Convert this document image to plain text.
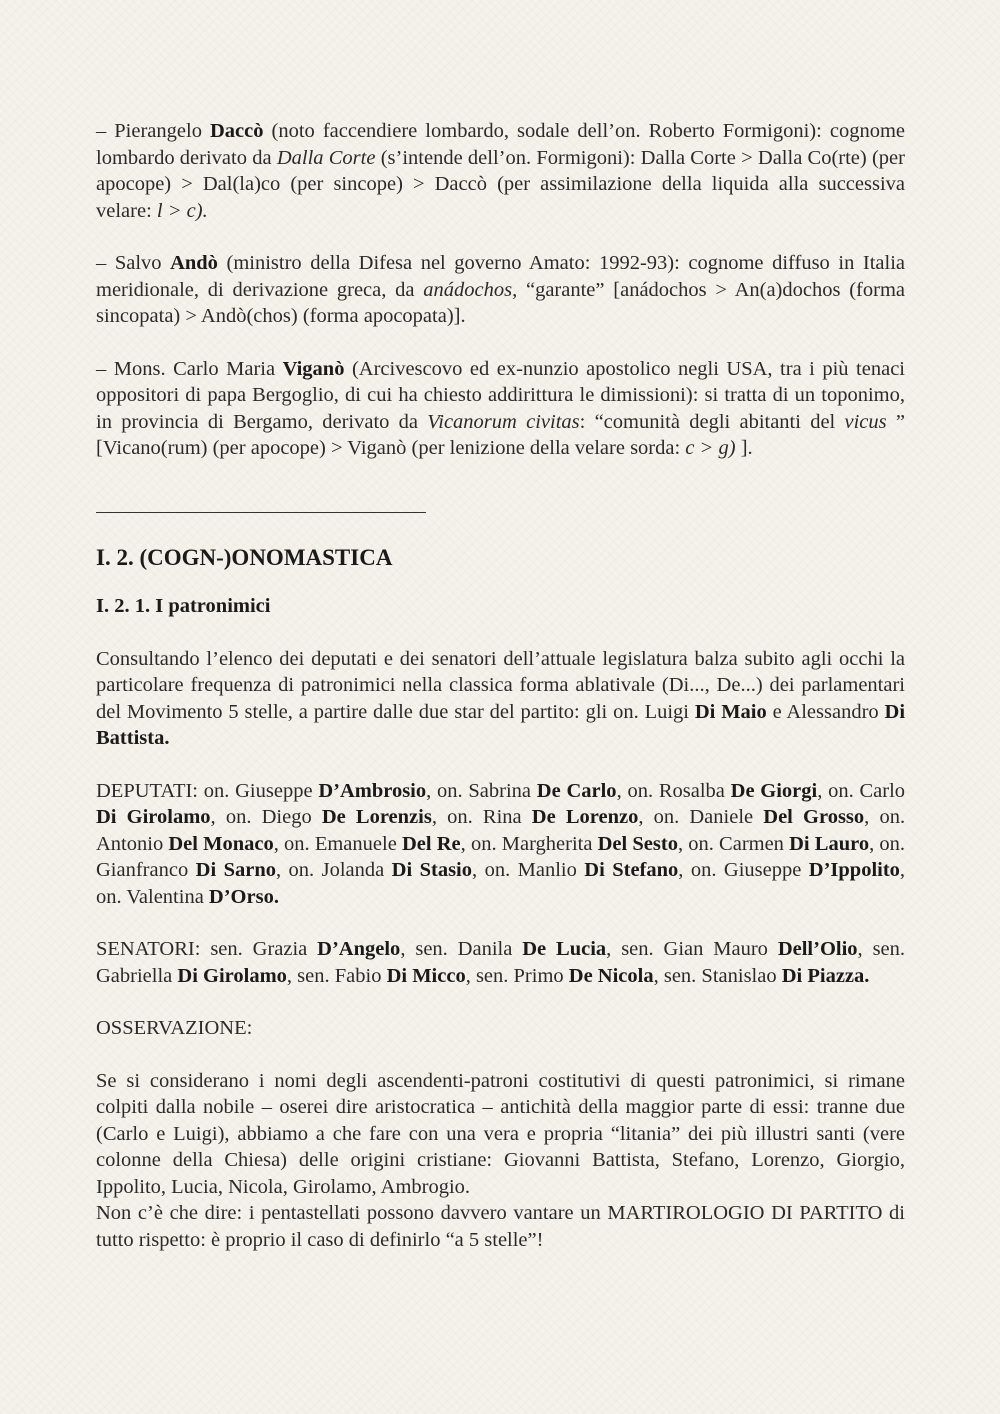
– Pierangelo Daccò (noto faccendiere lombardo, sodale dell’on. Roberto Formigoni): cognome lombardo derivato da Dalla Corte (s’intende dell’on. Formigoni): Dalla Corte > Dalla Co(rte) (per apocope) > Dal(la)co (per sincope) > Daccò (per assimilazione della liquida alla successiva velare: l > c).

– Salvo Andò (ministro della Difesa nel governo Amato: 1992-93): cognome diffuso in Italia meridionale, di derivazione greca, da anádochos, “garante” [anádochos > An(a)dochos (forma sincopata) > Andò(chos) (forma apocopata)].

– Mons. Carlo Maria Viganò (Arcivescovo ed ex-nunzio apostolico negli USA, tra i più tenaci oppositori di papa Bergoglio, di cui ha chiesto addirittura le dimissioni): si tratta di un toponimo, in provincia di Bergamo, derivato da Vicanorum civitas: “comunità degli abitanti del vicus ” [Vicano(rum) (per apocope) > Viganò (per lenizione della velare sorda: c > g) ].

I. 2. (COGN-)ONOMASTICA
I. 2. 1. I patronimici

Consultando l’elenco dei deputati e dei senatori dell’attuale legislatura balza subito agli occhi la particolare frequenza di patronimici nella classica forma ablativale (Di..., De...) dei parlamentari del Movimento 5 stelle, a partire dalle due star del partito: gli on. Luigi Di Maio e Alessandro Di Battista.

DEPUTATI: on. Giuseppe D’Ambrosio, on. Sabrina De Carlo, on. Rosalba De Giorgi, on. Carlo Di Girolamo, on. Diego De Lorenzis, on. Rina De Lorenzo, on. Daniele Del Grosso, on. Antonio Del Monaco, on. Emanuele Del Re, on. Margherita Del Sesto, on. Carmen Di Lauro, on. Gianfranco Di Sarno, on. Jolanda Di Stasio, on. Manlio Di Stefano, on. Giuseppe D’Ippolito, on. Valentina D’Orso.

SENATORI: sen. Grazia D’Angelo, sen. Danila De Lucia, sen. Gian Mauro Dell’Olio, sen. Gabriella Di Girolamo, sen. Fabio Di Micco, sen. Primo De Nicola, sen. Stanislao Di Piazza.

OSSERVAZIONE:

Se si considerano i nomi degli ascendenti-patroni costitutivi di questi patronimici, si rimane colpiti dalla nobile – oserei dire aristocratica – antichità della maggior parte di essi: tranne due (Carlo e Luigi), abbiamo a che fare con una vera e propria “litania” dei più illustri santi (vere colonne della Chiesa) delle origini cristiane: Giovanni Battista, Stefano, Lorenzo, Giorgio, Ippolito, Lucia, Nicola, Girolamo, Ambrogio.

Non c’è che dire: i pentastellati possono davvero vantare un MARTIROLOGIO DI PARTITO di tutto rispetto: è proprio il caso di definirlo “a 5 stelle”!
